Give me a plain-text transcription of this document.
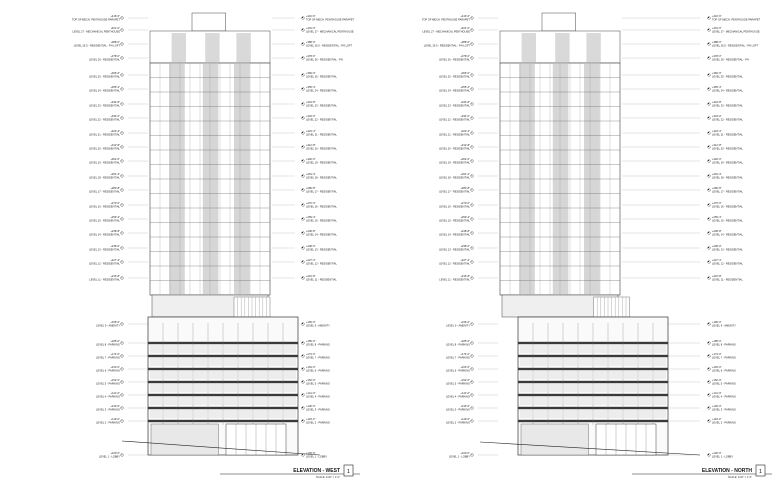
+416'-6"
TOP OF MECH. PENTHOUSE PARAPET
+401'-0"
LEVEL 27 - MECHANICAL PENTHOUSE
+388'-0"
LEVEL 26.5 - RESIDENTIAL - PH LOFT
+378'-0"
LEVEL 26 - RESIDENTIAL
+366'-0"
LEVEL 25 - RESIDENTIAL
+355'-4"
LEVEL 24 - RESIDENTIAL
+344'-8"
LEVEL 23 - RESIDENTIAL
+334'-0"
LEVEL 22 - RESIDENTIAL
+323'-4"
LEVEL 21 - RESIDENTIAL
+312'-8"
LEVEL 20 - RESIDENTIAL
+302'-0"
LEVEL 19 - RESIDENTIAL
+291'-4"
LEVEL 18 - RESIDENTIAL
+280'-8"
LEVEL 17 - RESIDENTIAL
+270'-0"
LEVEL 16 - RESIDENTIAL
+259'-4"
LEVEL 15 - RESIDENTIAL
+248'-8"
LEVEL 14 - RESIDENTIAL
+238'-0"
LEVEL 13 - RESIDENTIAL
+227'-4"
LEVEL 12 - RESIDENTIAL
+216'-8"
LEVEL 11 - RESIDENTIAL
+196'-0"
LEVEL 9 - AMENITY
+185'-0"
LEVEL 8 - PARKING
+174'-0"
LEVEL 7 - PARKING
+163'-0"
LEVEL 6 - PARKING
+152'-0"
LEVEL 5 - PARKING
+141'-0"
LEVEL 4 - PARKING
+130'-0"
LEVEL 3 - PARKING
+119'-0"
LEVEL 2 - PARKING
+100'-0"
LEVEL 1 - LOBBY
+416'-6"
TOP OF MECH. PENTHOUSE PARAPET
+401'-0"
LEVEL 27 - MECHANICAL PENTHOUSE
+388'-0"
LEVEL 26.5 - RESIDENTIAL - PH LOFT
+378'-0"
LEVEL 26 - RESIDENTIAL - PH
+366'-0"
LEVEL 25 - RESIDENTIAL
+355'-4"
LEVEL 24 - RESIDENTIAL
+344'-8"
LEVEL 23 - RESIDENTIAL
+334'-0"
LEVEL 22 - RESIDENTIAL
+323'-4"
LEVEL 21 - RESIDENTIAL
+312'-8"
LEVEL 20 - RESIDENTIAL
+302'-0"
LEVEL 19 - RESIDENTIAL
+291'-4"
LEVEL 18 - RESIDENTIAL
+280'-8"
LEVEL 17 - RESIDENTIAL
+270'-0"
LEVEL 16 - RESIDENTIAL
+259'-4"
LEVEL 15 - RESIDENTIAL
+248'-8"
LEVEL 14 - RESIDENTIAL
+238'-0"
LEVEL 13 - RESIDENTIAL
+227'-4"
LEVEL 12 - RESIDENTIAL
+216'-8"
LEVEL 11 - RESIDENTIAL
+196'-0"
LEVEL 9 - AMENITY
+185'-0"
LEVEL 8 - PARKING
+174'-0"
LEVEL 7 - PARKING
+163'-0"
LEVEL 6 - PARKING
+152'-0"
LEVEL 5 - PARKING
+141'-0"
LEVEL 4 - PARKING
+130'-0"
LEVEL 3 - PARKING
+119'-0"
LEVEL 2 - PARKING
+100'-0"
LEVEL 1 - LOBBY
ELEVATION - WEST
SCALE: 1/32" = 1'-0"
1
+416'-6"
TOP OF MECH. PENTHOUSE PARAPET
+401'-0"
LEVEL 27 - MECHANICAL PENTHOUSE
+388'-0"
LEVEL 26.5 - RESIDENTIAL - PH LOFT
+378'-0"
LEVEL 26 - RESIDENTIAL
+366'-0"
LEVEL 25 - RESIDENTIAL
+355'-4"
LEVEL 24 - RESIDENTIAL
+344'-8"
LEVEL 23 - RESIDENTIAL
+334'-0"
LEVEL 22 - RESIDENTIAL
+323'-4"
LEVEL 21 - RESIDENTIAL
+312'-8"
LEVEL 20 - RESIDENTIAL
+302'-0"
LEVEL 19 - RESIDENTIAL
+291'-4"
LEVEL 18 - RESIDENTIAL
+280'-8"
LEVEL 17 - RESIDENTIAL
+270'-0"
LEVEL 16 - RESIDENTIAL
+259'-4"
LEVEL 15 - RESIDENTIAL
+248'-8"
LEVEL 14 - RESIDENTIAL
+238'-0"
LEVEL 13 - RESIDENTIAL
+227'-4"
LEVEL 12 - RESIDENTIAL
+216'-8"
LEVEL 11 - RESIDENTIAL
+196'-0"
LEVEL 9 - AMENITY
+185'-0"
LEVEL 8 - PARKING
+174'-0"
LEVEL 7 - PARKING
+163'-0"
LEVEL 6 - PARKING
+152'-0"
LEVEL 5 - PARKING
+141'-0"
LEVEL 4 - PARKING
+130'-0"
LEVEL 3 - PARKING
+119'-0"
LEVEL 2 - PARKING
+100'-0"
LEVEL 1 - LOBBY
+416'-6"
TOP OF MECH. PENTHOUSE PARAPET
+401'-0"
LEVEL 27 - MECHANICAL PENTHOUSE
+388'-0"
LEVEL 26.5 - RESIDENTIAL - PH LOFT
+378'-0"
LEVEL 26 - RESIDENTIAL - PH
+366'-0"
LEVEL 25 - RESIDENTIAL
+355'-4"
LEVEL 24 - RESIDENTIAL
+344'-8"
LEVEL 23 - RESIDENTIAL
+334'-0"
LEVEL 22 - RESIDENTIAL
+323'-4"
LEVEL 21 - RESIDENTIAL
+312'-8"
LEVEL 20 - RESIDENTIAL
+302'-0"
LEVEL 19 - RESIDENTIAL
+291'-4"
LEVEL 18 - RESIDENTIAL
+280'-8"
LEVEL 17 - RESIDENTIAL
+270'-0"
LEVEL 16 - RESIDENTIAL
+259'-4"
LEVEL 15 - RESIDENTIAL
+248'-8"
LEVEL 14 - RESIDENTIAL
+238'-0"
LEVEL 13 - RESIDENTIAL
+227'-4"
LEVEL 12 - RESIDENTIAL
+216'-8"
LEVEL 11 - RESIDENTIAL
+196'-0"
LEVEL 9 - AMENITY
+185'-0"
LEVEL 8 - PARKING
+174'-0"
LEVEL 7 - PARKING
+163'-0"
LEVEL 6 - PARKING
+152'-0"
LEVEL 5 - PARKING
+141'-0"
LEVEL 4 - PARKING
+130'-0"
LEVEL 3 - PARKING
+119'-0"
LEVEL 2 - PARKING
+100'-0"
LEVEL 1 - LOBBY
ELEVATION - NORTH
SCALE: 1/32" = 1'-0"
1
